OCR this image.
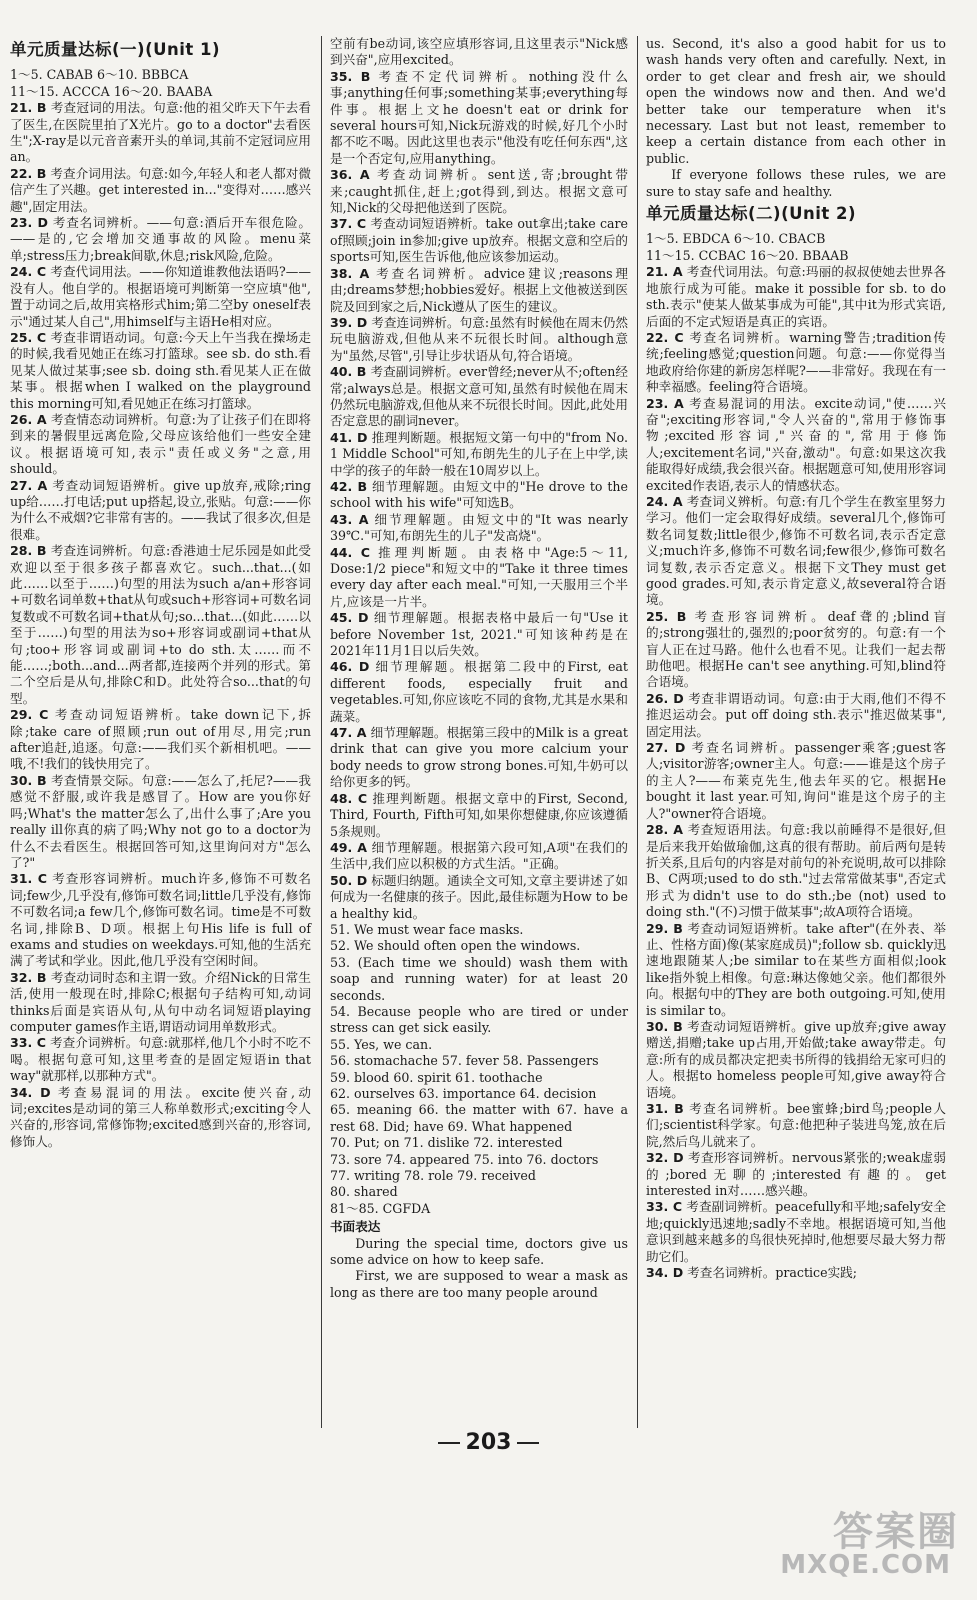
单元质量达标(一)(Unit 1)
1～5. CABAB 6～10. BBBCA
11～15. ACCCA 16～20. BAABA
21. B 考查冠词的用法。句意:他的祖父昨天下午去看了医生,在医院里拍了X光片。go to a doctor"去看医生";X-ray是以元音音素开头的单词,其前不定冠词应用an。
22. B 考查介词用法。句意:如今,年轻人和老人都对微信产生了兴趣。get interested in..."变得对……感兴趣",固定用法。
23. D 考查名词辨析。——句意:酒后开车很危险。——是的,它会增加交通事故的风险。menu菜单;stress压力;break间歇,休息;risk风险,危险。
24. C 考查代词用法。——你知道谁教他法语吗?——没有人。他自学的。根据语境可判断第一空应填"他",置于动词之后,故用宾格形式him;第二空by oneself表示"通过某人自己",用himself与主语He相对应。
25. C 考查非谓语动词。句意:今天上午当我在操场走的时候,我看见她正在练习打篮球。see sb. do sth.看见某人做过某事;see sb. doing sth.看见某人正在做某事。根据when I walked on the playground this morning可知,看见她正在练习打篮球。
26. A 考查情态动词辨析。句意:为了让孩子们在即将到来的暑假里远离危险,父母应该给他们一些安全建议。根据语境可知,表示"责任或义务"之意,用should。
27. A 考查动词短语辨析。give up放弃,戒除;ring up给……打电话;put up搭起,设立,张贴。句意:——你为什么不戒烟?它非常有害的。——我试了很多次,但是很难。
28. B 考查连词辨析。句意:香港迪士尼乐园是如此受欢迎以至于很多孩子都喜欢它。such...that...(如此……以至于……)句型的用法为such a/an+形容词+可数名词单数+that从句或such+形容词+可数名词复数或不可数名词+that从句;so...that...(如此……以至于……)句型的用法为so+形容词或副词+that从句;too+形容词或副词+to do sth.太……而不能……;both...and...两者都,连接两个并列的形式。第二个空后是从句,排除C和D。此处符合so...that的句型。
29. C 考查动词短语辨析。take down记下,拆除;take care of照顾;run out of用尽,用完;run after追赶,追逐。句意:——我们买个新相机吧。——哦,不!我们的钱快用完了。
30. B 考查情景交际。句意:——怎么了,托尼?——我感觉不舒服,或许我是感冒了。How are you你好吗;What's the matter怎么了,出什么事了;Are you really ill你真的病了吗;Why not go to a doctor为什么不去看医生。根据回答可知,这里询问对方"怎么了?"
31. C 考查形容词辨析。much许多,修饰不可数名词;few少,几乎没有,修饰可数名词;little几乎没有,修饰不可数名词;a few几个,修饰可数名词。time是不可数名词,排除B、D项。根据上句His life is full of exams and studies on weekdays.可知,他的生活充满了考试和学业。因此,他几乎没有空闲时间。
32. B 考查动词时态和主谓一致。介绍Nick的日常生活,使用一般现在时,排除C;根据句子结构可知,动词thinks后面是宾语从句,从句中动名词短语playing computer games作主语,谓语动词用单数形式。
33. C 考查介词辨析。句意:就那样,他几个小时不吃不喝。根据句意可知,这里考查的是固定短语in that way"就那样,以那种方式"。
34. D 考查易混词的用法。excite使兴奋,动词;excites是动词的第三人称单数形式;exciting令人兴奋的,形容词,常修饰物;excited感到兴奋的,形容词,修饰人。
空前有be动词,该空应填形容词,且这里表示"Nick感到兴奋",应用excited。
35. B 考查不定代词辨析。nothing没什么事;anything任何事;something某事;everything每件事。根据上文he doesn't eat or drink for several hours可知,Nick玩游戏的时候,好几个小时都不吃不喝。因此这里也表示"他没有吃任何东西",这是一个否定句,应用anything。
36. A 考查动词辨析。sent送,寄;brought带来;caught抓住,赶上;got得到,到达。根据文意可知,Nick的父母把他送到了医院。
37. C 考查动词短语辨析。take out拿出;take care of照顾;join in参加;give up放弃。根据文意和空后的sports可知,医生告诉他,他应该参加运动。
38. A 考查名词辨析。advice建议;reasons理由;dreams梦想;hobbies爱好。根据上文他被送到医院及回到家之后,Nick遵从了医生的建议。
39. D 考查连词辨析。句意:虽然有时候他在周末仍然玩电脑游戏,但他从来不玩很长时间。although意为"虽然,尽管",引导让步状语从句,符合语境。
40. B 考查副词辨析。ever曾经;never从不;often经常;always总是。根据文意可知,虽然有时候他在周末仍然玩电脑游戏,但他从来不玩很长时间。因此,此处用否定意思的副词never。
41. D 推理判断题。根据短文第一句中的"from No. 1 Middle School"可知,布朗先生的儿子在上中学,读中学的孩子的年龄一般在10周岁以上。
42. B 细节理解题。由短文中的"He drove to the school with his wife"可知选B。
43. A 细节理解题。由短文中的"It was nearly 39℃."可知,布朗先生的儿子"发高烧"。
44. C 推理判断题。由表格中"Age:5～11, Dose:1/2 piece"和短文中的"Take it three times every day after each meal."可知,一天服用三个半片,应该是一片半。
45. D 细节理解题。根据表格中最后一句"Use it before November 1st, 2021."可知该种药是在2021年11月1日以后失效。
46. D 细节理解题。根据第二段中的First, eat different foods, especially fruit and vegetables.可知,你应该吃不同的食物,尤其是水果和蔬菜。
47. A 细节理解题。根据第三段中的Milk is a great drink that can give you more calcium your body needs to grow strong bones.可知,牛奶可以给你更多的钙。
48. C 推理判断题。根据文章中的First, Second, Third, Fourth, Fifth可知,如果你想健康,你应该遵循5条规则。
49. A 细节理解题。根据第六段可知,A项"在我们的生活中,我们应以积极的方式生活。"正确。
50. D 标题归纳题。通读全文可知,文章主要讲述了如何成为一名健康的孩子。因此,最佳标题为How to be a healthy kid。
51. We must wear face masks.
52. We should often open the windows.
53. (Each time we should) wash them with soap and running water) for at least 20 seconds.
54. Because people who are tired or under stress can get sick easily.
55. Yes, we can.
56. stomachache 57. fever 58. Passengers
59. blood 60. spirit 61. toothache
62. ourselves 63. importance 64. decision
65. meaning 66. the matter with 67. have a rest 68. Did; have 69. What happened
70. Put; on 71. dislike 72. interested
73. sore 74. appeared 75. into 76. doctors
77. writing 78. role 79. received
80. shared
81～85. CGFDA
书面表达

During the special time, doctors give us some advice on how to keep safe.

First, we are supposed to wear a mask as long as there are too many people around

us. Second, it's also a good habit for us to wash hands very often and carefully. Next, in order to get clear and fresh air, we should open the windows now and then. And we'd better take our temperature when it's necessary. Last but not least, remember to keep a certain distance from each other in public.

If everyone follows these rules, we are sure to stay safe and healthy.

单元质量达标(二)(Unit 2)
1～5. EBDCA 6～10. CBACB
11～15. CCBAC 16～20. BBAAB
21. A 考查代词用法。句意:玛丽的叔叔使她去世界各地旅行成为可能。make it possible for sb. to do sth.表示"使某人做某事成为可能",其中it为形式宾语,后面的不定式短语是真正的宾语。
22. C 考查名词辨析。warning警告;tradition传统;feeling感觉;question问题。句意:——你觉得当地政府给你建的新房怎样呢?——非常好。我现在有一种幸福感。feeling符合语境。
23. A 考查易混词的用法。excite动词,"使……兴奋";exciting形容词,"令人兴奋的",常用于修饰事物;excited形容词,"兴奋的",常用于修饰人;excitement名词,"兴奋,激动"。句意:如果这次我能取得好成绩,我会很兴奋。根据题意可知,使用形容词excited作表语,表示人的情感状态。
24. A 考查词义辨析。句意:有几个学生在教室里努力学习。他们一定会取得好成绩。several几个,修饰可数名词复数;little很少,修饰不可数名词,表示否定意义;much许多,修饰不可数名词;few很少,修饰可数名词复数,表示否定意义。根据下文They must get good grades.可知,表示肯定意义,故several符合语境。
25. B 考查形容词辨析。deaf聋的;blind盲的;strong强壮的,强烈的;poor贫穷的。句意:有一个盲人正在过马路。他什么也看不见。让我们一起去帮助他吧。根据He can't see anything.可知,blind符合语境。
26. D 考查非谓语动词。句意:由于大雨,他们不得不推迟运动会。put off doing sth.表示"推迟做某事",固定用法。
27. D 考查名词辨析。passenger乘客;guest客人;visitor游客;owner主人。句意:——谁是这个房子的主人?——布莱克先生,他去年买的它。根据He bought it last year.可知,询问"谁是这个房子的主人?"owner符合语境。
28. A 考查短语用法。句意:我以前睡得不是很好,但是后来我开始做瑜伽,这真的很有帮助。前后两句是转折关系,且后句的内容是对前句的补充说明,故可以排除B、C两项;used to do sth."过去常常做某事",否定式形式为didn't use to do sth.;be (not) used to doing sth."(不)习惯于做某事";故A项符合语境。
29. B 考查动词短语辨析。take after"(在外表、举止、性格方面)像(某家庭成员)";follow sb. quickly迅速地跟随某人;be similar to在某些方面相似;look like指外貌上相像。句意:琳达像她父亲。他们都很外向。根据句中的They are both outgoing.可知,使用is similar to。
30. B 考查动词短语辨析。give up放弃;give away赠送,捐赠;take up占用,开始做;take away带走。句意:所有的成员都决定把卖书所得的钱捐给无家可归的人。根据to homeless people可知,give away符合语境。
31. B 考查名词辨析。bee蜜蜂;bird鸟;people人们;scientist科学家。句意:他把种子装进鸟笼,放在后院,然后鸟儿就来了。
32. D 考查形容词辨析。nervous紧张的;weak虚弱的;bored无聊的;interested有趣的。get interested in对……感兴趣。
33. C 考查副词辨析。peacefully和平地;safely安全地;quickly迅速地;sadly不幸地。根据语境可知,当他意识到越来越多的鸟很快死掉时,他想要尽最大努力帮助它们。
34. D 考查名词辨析。practice实践;
203
答案圈
MXQE.COM
